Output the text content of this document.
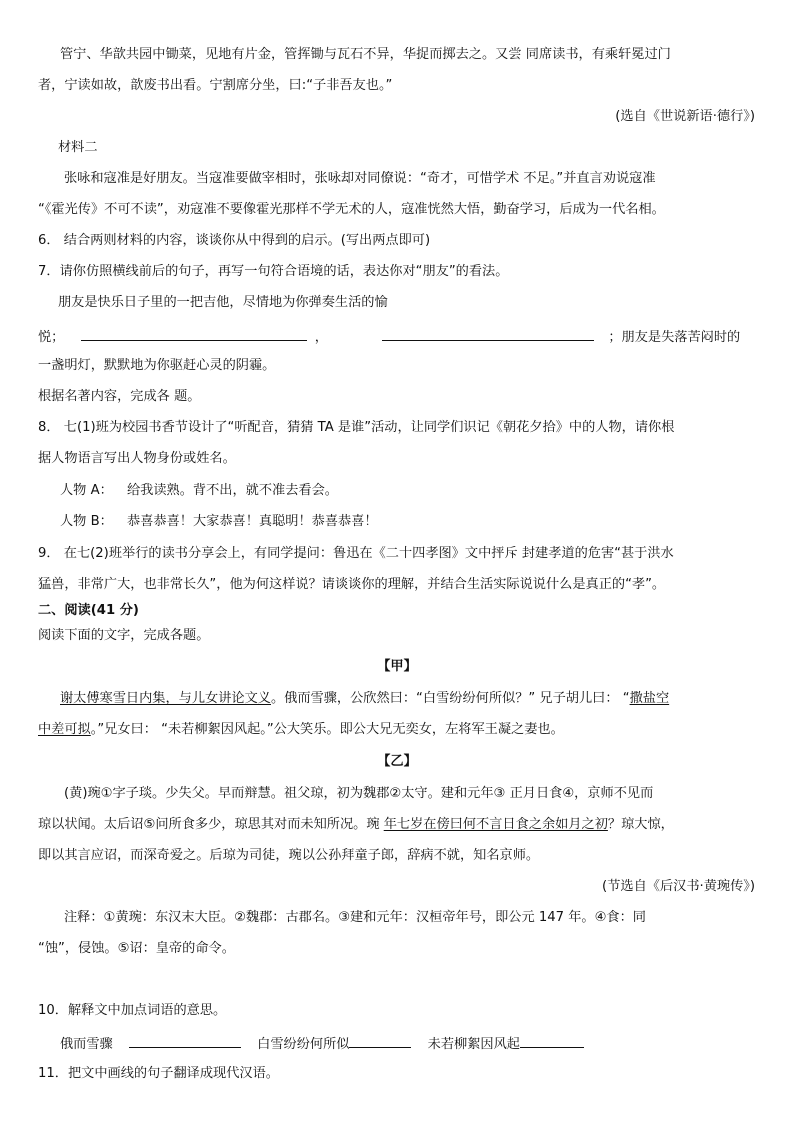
管宁、华歆共园中锄菜，见地有片金，管挥锄与瓦石不异，华捉而掷去之。又尝 同席读书，有乘轩冕过门
者，宁读如故，歆废书出看。宁割席分坐，曰:“子非吾友也。”
(选自《世说新语·德行》)
材料二
张咏和寇准是好朋友。当寇准要做宰相时，张咏却对同僚说：“奇才，可惜学术 不足。”并直言劝说寇准
“《霍光传》不可不读”，劝寇准不要像霍光那样不学无术的人，寇准恍然大悟，勤奋学习，后成为一代名相。
6． 结合两则材料的内容，谈谈你从中得到的启示。(写出两点即可)
7．请你仿照横线前后的句子，再写一句符合语境的话，表达你对“朋友”的看法。
朋友是快乐日子里的一把吉他，尽情地为你弹奏生活的愉
悦；	，	；朋友是失落苦闷时的
一盏明灯，默默地为你驱赶心灵的阴霾。
根据名著内容，完成各 题。
8． 七(1)班为校园书香节设计了“听配音，猜猜 TA 是谁”活动，让同学们识记《朝花夕拾》中的人物，请你根
据人物语言写出人物身份或姓名。
人物 A： 给我读熟。背不出，就不准去看会。
人物 B： 恭喜恭喜！大家恭喜！真聪明！恭喜恭喜！
9． 在七(2)班举行的读书分享会上，有同学提问：鲁迅在《二十四孝图》文中抨斥 封建孝道的危害“甚于洪水
猛兽，非常广大，也非常长久”，他为何这样说？请谈谈你的理解，并结合生活实际说说什么是真正的“孝”。
二、阅读(41 分)
阅读下面的文字，完成各题。
【甲】
谢太傅寒雪日内集，与儿女讲论文义。俄而雪骤，公欣然曰：“白雪纷纷何所似？” 兄子胡儿曰： “撒盐空
中差可拟。”兄女曰： “未若柳絮因风起。”公大笑乐。即公大兄无奕女，左将军王凝之妻也。
【乙】
(黄)琬①字子琰。少失父。早而辩慧。祖父琼，初为魏郡②太守。建和元年③ 正月日食④，京师不见而
琼以状闻。太后诏⑤问所食多少，琼思其对而未知所况。琬 年七岁在傍曰何不言日食之余如月之初？琼大惊，
即以其言应诏，而深奇爱之。后琼为司徒，琬以公孙拜童子郎，辞病不就，知名京师。
(节选自《后汉书·黄琬传》)
注释：①黄琬：东汉末大臣。②魏郡：古郡名。③建和元年：汉桓帝年号，即公元 147 年。④食：同
“蚀”，侵蚀。⑤诏：皇帝的命令。
10．解释文中加点词语的意思。
俄而雪骤	白雪纷纷何所似	未若柳絮因风起
11．把文中画线的句子翻译成现代汉语。
